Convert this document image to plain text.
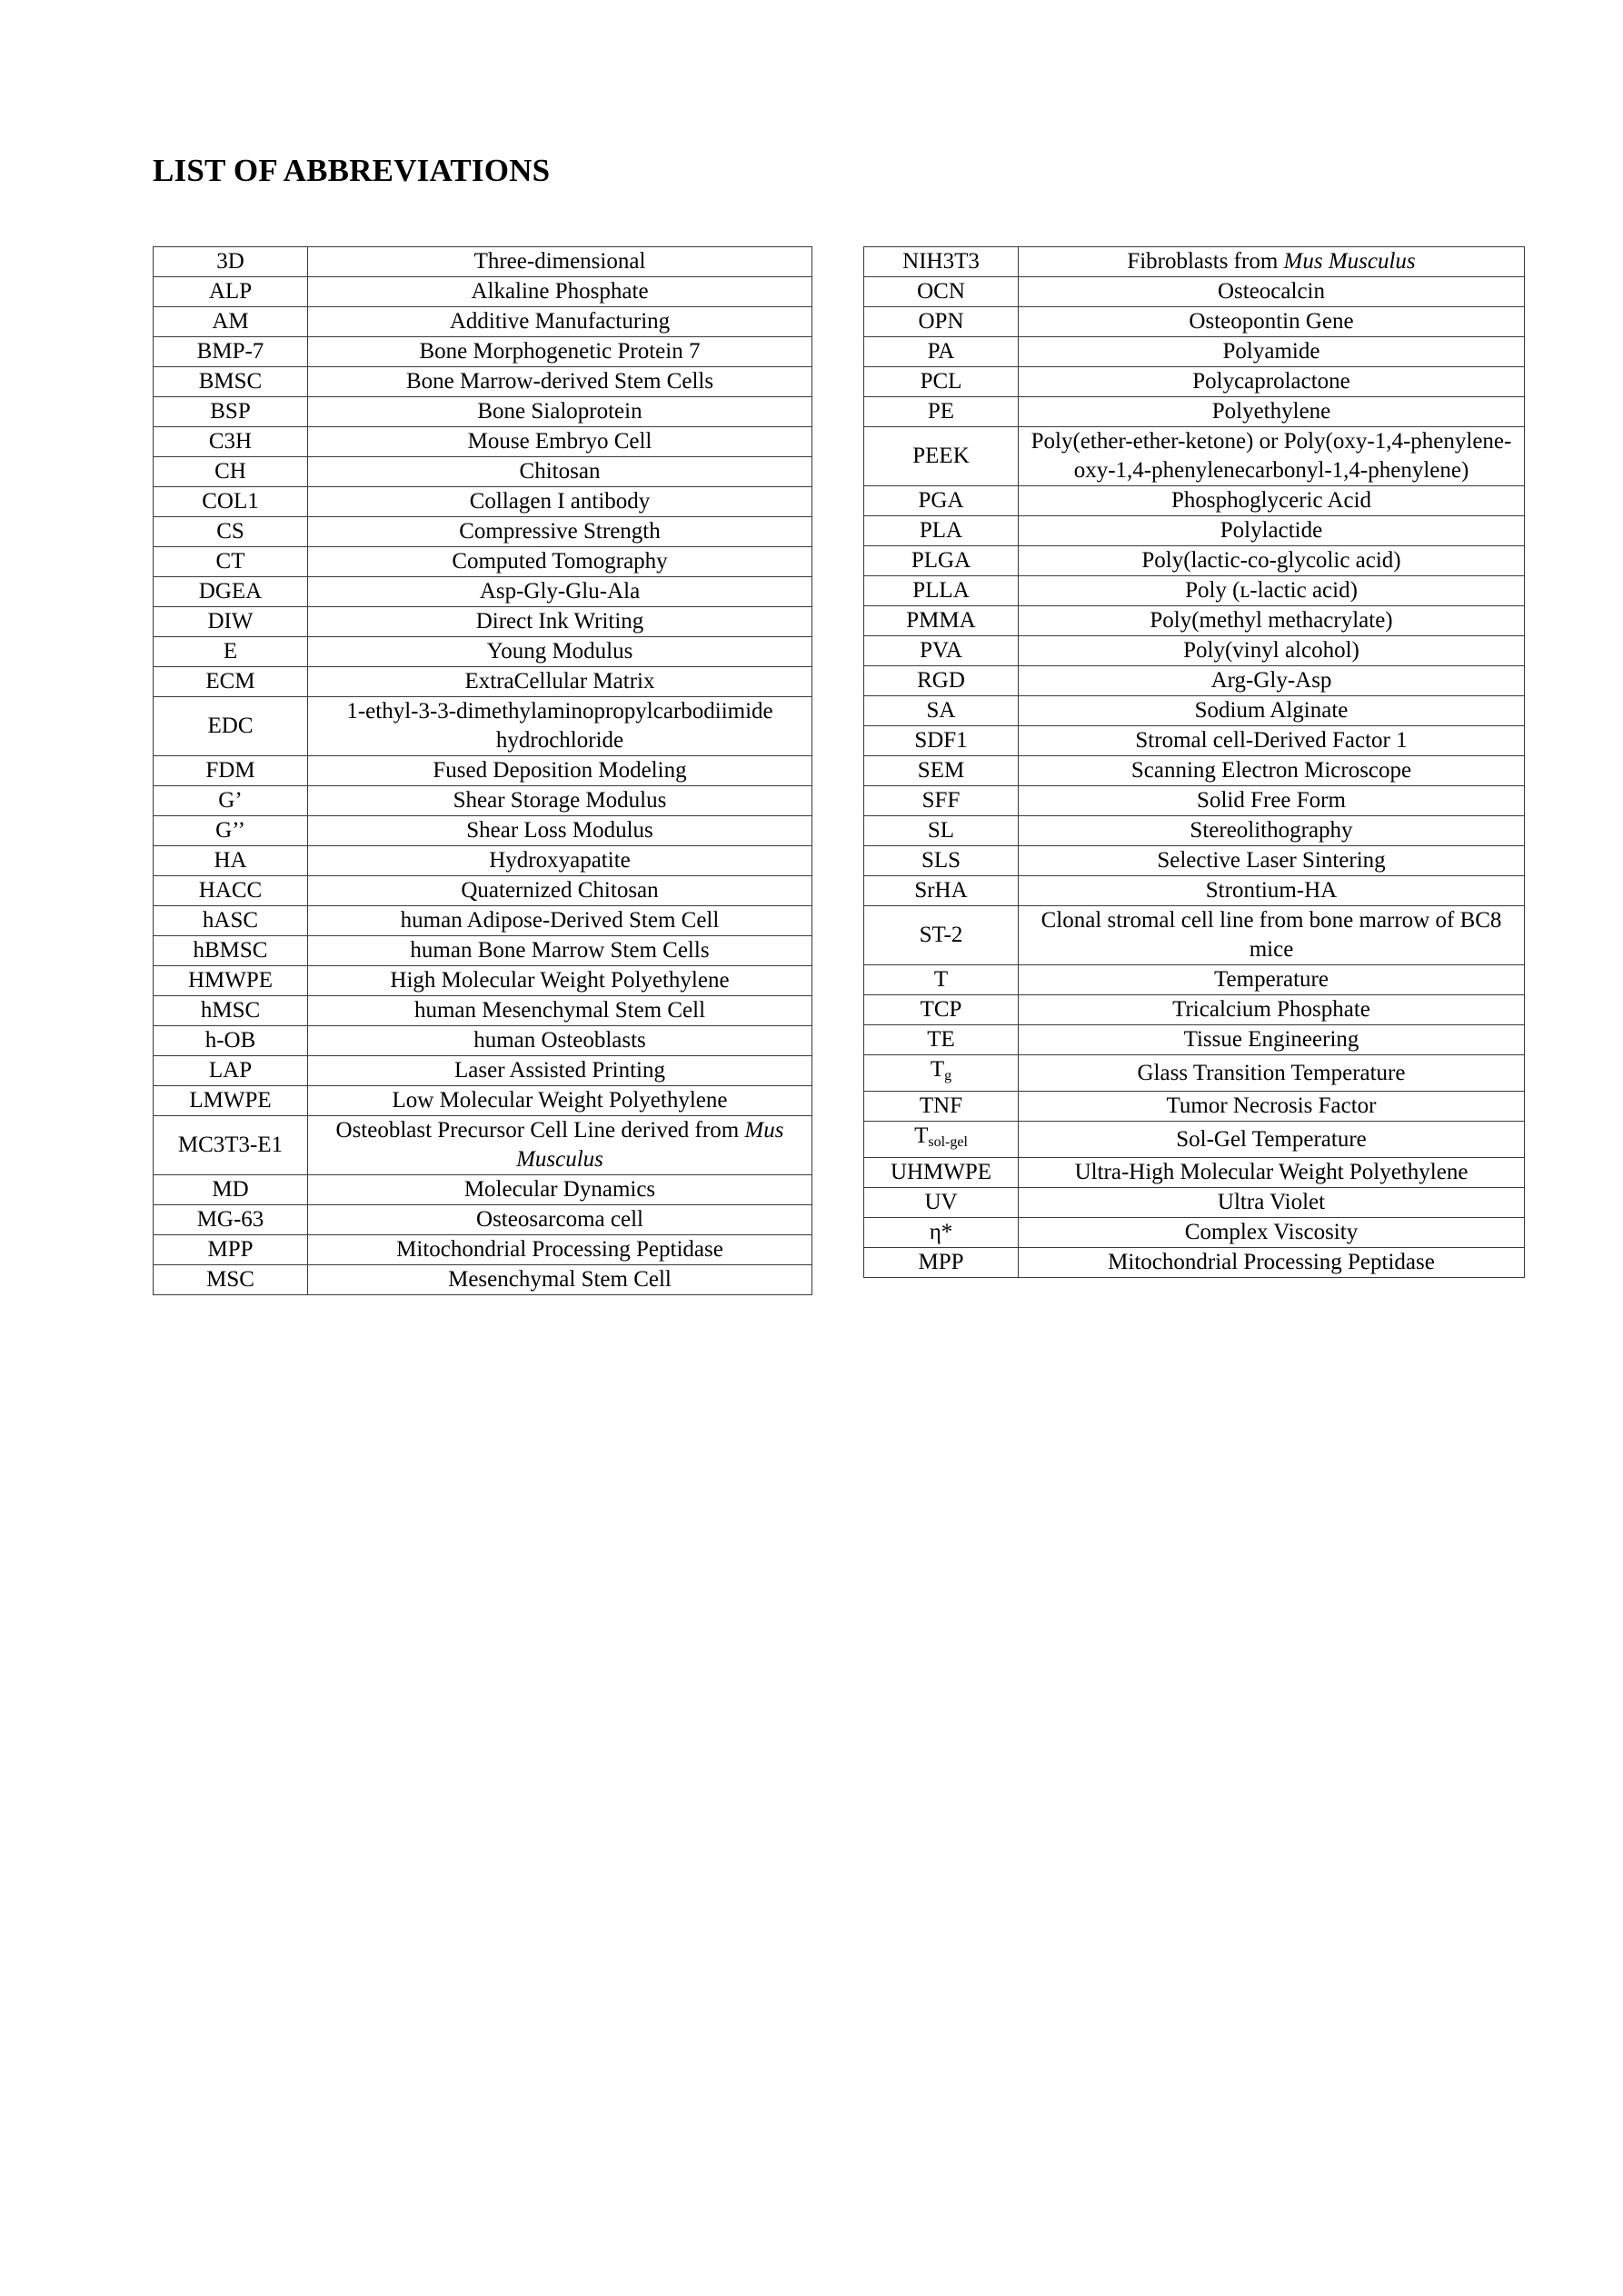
LIST OF ABBREVIATIONS
3D	Three-dimensional
ALP	Alkaline Phosphate
AM	Additive Manufacturing
BMP-7	Bone Morphogenetic Protein 7
BMSC	Bone Marrow-derived Stem Cells
BSP	Bone Sialoprotein
C3H	Mouse Embryo Cell
CH	Chitosan
COL1	Collagen I antibody
CS	Compressive Strength
CT	Computed Tomography
DGEA	Asp-Gly-Glu-Ala
DIW	Direct Ink Writing
E	Young Modulus
ECM	ExtraCellular Matrix
EDC	1-ethyl-3-3-dimethylaminopropylcarbodiimide hydrochloride
FDM	Fused Deposition Modeling
G’	Shear Storage Modulus
G’’	Shear Loss Modulus
HA	Hydroxyapatite
HACC	Quaternized Chitosan
hASC	human Adipose-Derived Stem Cell
hBMSC	human Bone Marrow Stem Cells
HMWPE	High Molecular Weight Polyethylene
hMSC	human Mesenchymal Stem Cell
h-OB	human Osteoblasts
LAP	Laser Assisted Printing
LMWPE	Low Molecular Weight Polyethylene
MC3T3-E1	Osteoblast Precursor Cell Line derived from Mus Musculus
MD	Molecular Dynamics
MG-63	Osteosarcoma cell
MPP	Mitochondrial Processing Peptidase
MSC	Mesenchymal Stem Cell
NIH3T3	Fibroblasts from Mus Musculus
OCN	Osteocalcin
OPN	Osteopontin Gene
PA	Polyamide
PCL	Polycaprolactone
PE	Polyethylene
PEEK	Poly(ether-ether-ketone) or Poly(oxy-1,4-phenylene-oxy-1,4-phenylenecarbonyl-1,4-phenylene)
PGA	Phosphoglyceric Acid
PLA	Polylactide
PLGA	Poly(lactic-co-glycolic acid)
PLLA	Poly (ʟ-lactic acid)
PMMA	Poly(methyl methacrylate)
PVA	Poly(vinyl alcohol)
RGD	Arg-Gly-Asp
SA	Sodium Alginate
SDF1	Stromal cell-Derived Factor 1
SEM	Scanning Electron Microscope
SFF	Solid Free Form
SL	Stereolithography
SLS	Selective Laser Sintering
SrHA	Strontium-HA
ST-2	Clonal stromal cell line from bone marrow of BC8 mice
T	Temperature
TCP	Tricalcium Phosphate
TE	Tissue Engineering
$T_g$	Glass Transition Temperature
TNF	Tumor Necrosis Factor
$T_{sol-gel}$	Sol-Gel Temperature
UHMWPE	Ultra-High Molecular Weight Polyethylene
UV	Ultra Violet
η*	Complex Viscosity
MPP	Mitochondrial Processing Peptidase
